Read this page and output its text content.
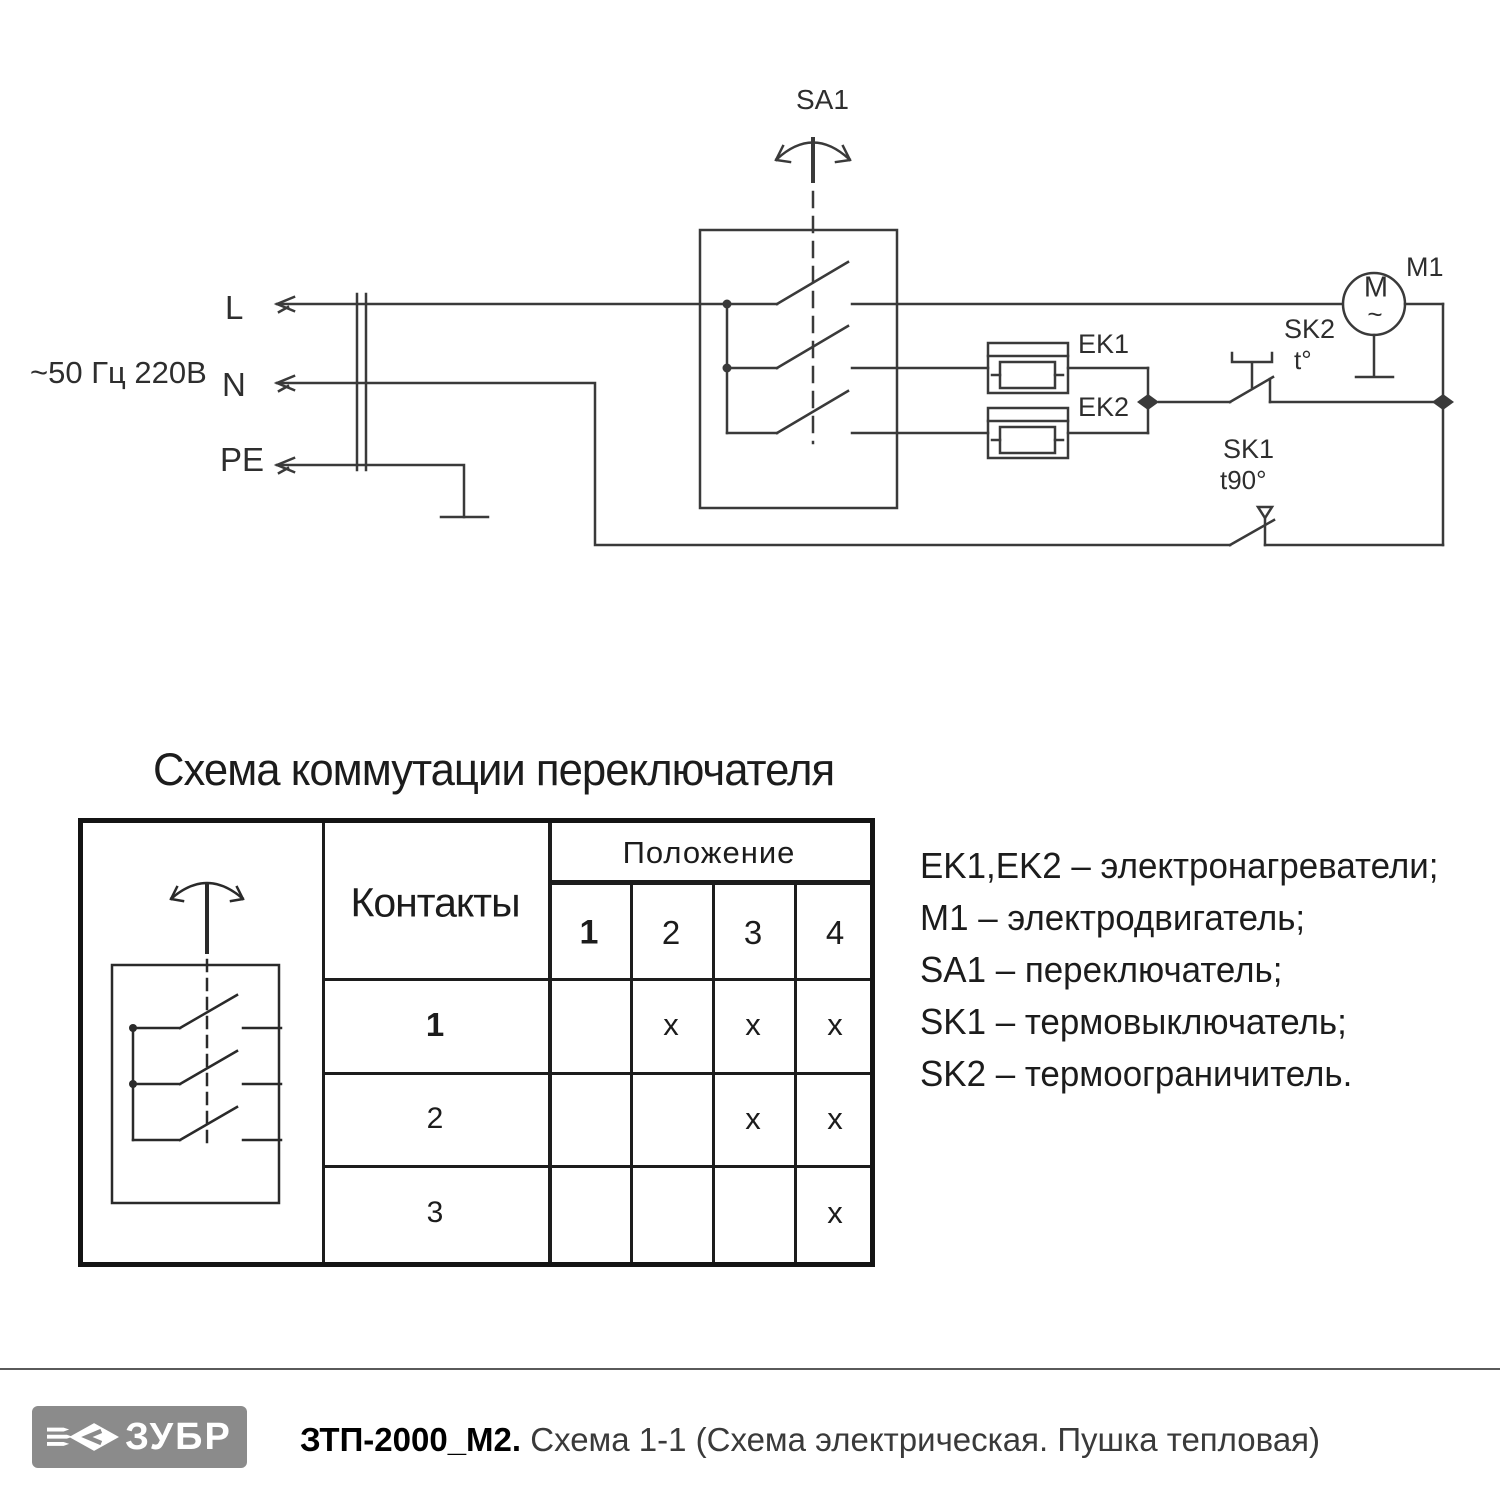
~50 Гц 220В
L
N
PE
SA1
EK1
EK2
M1
M
~
SK2
t°
SK1
t90°
Схема коммутации переключателя
Положение
Контакты
1 2 3 4
1
2
3
x x x
x x
x
EK1,EK2 – электронагреватели;
M1 – электродвигатель;
SA1 – переключатель;
SK1 – термовыключатель;
SK2 – термоограничитель.
ЗУБР ЗТП-2000_М2. Схема 1-1 (Схема электрическая. Пушка тепловая)
